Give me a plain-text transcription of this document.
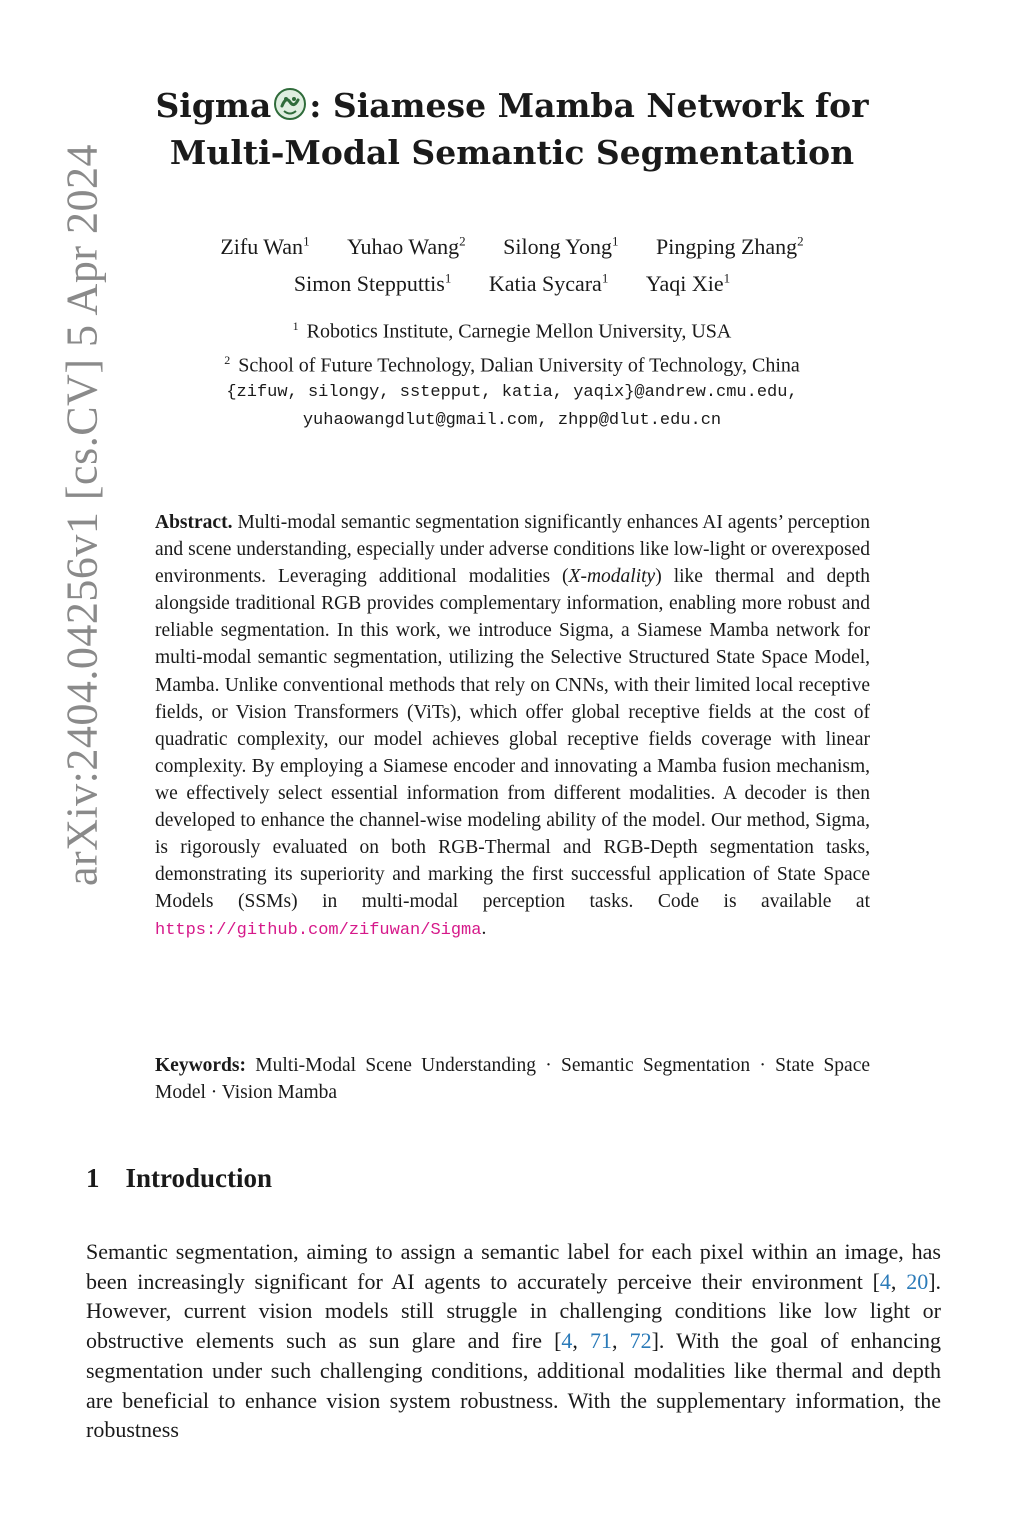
arXiv:2404.04256v1 [cs.CV] 5 Apr 2024
Sigma : Siamese Mamba Network for
Multi-Modal Semantic Segmentation
Zifu Wan$^1$ Yuhao Wang$^2$ Silong Yong$^1$ Pingping Zhang$^2$
Simon Stepputtis$^1$ Katia Sycara$^1$ Yaqi Xie$^1$
$^1$ Robotics Institute, Carnegie Mellon University, USA
$^2$ School of Future Technology, Dalian University of Technology, China
{zifuw, silongy, sstepput, katia, yaqix}@andrew.cmu.edu,
yuhaowangdlut@gmail.com, zhpp@dlut.edu.cn
Abstract. Multi-modal semantic segmentation significantly enhances AI agents’ perception and scene understanding, especially under adverse conditions like low-light or overexposed environments. Leveraging additional modalities (X-modality) like thermal and depth alongside traditional RGB provides complementary information, enabling more robust and reliable segmentation. In this work, we introduce Sigma, a Siamese Mamba network for multi-modal semantic segmentation, utilizing the Selective Structured State Space Model, Mamba. Unlike conventional methods that rely on CNNs, with their limited local receptive fields, or Vision Transformers (ViTs), which offer global receptive fields at the cost of quadratic complexity, our model achieves global receptive fields coverage with linear complexity. By employing a Siamese encoder and innovating a Mamba fusion mechanism, we effectively select essential information from different modalities. A decoder is then developed to enhance the channel-wise modeling ability of the model. Our method, Sigma, is rigorously evaluated on both RGB-Thermal and RGB-Depth segmentation tasks, demonstrating its superiority and marking the first successful application of State Space Models (SSMs) in multi-modal perception tasks. Code is available at https://github.com/zifuwan/Sigma.
Keywords: Multi-Modal Scene Understanding · Semantic Segmentation · State Space Model · Vision Mamba
1 Introduction
Semantic segmentation, aiming to assign a semantic label for each pixel within an image, has been increasingly significant for AI agents to accurately perceive their environment [4, 20]. However, current vision models still struggle in challenging conditions like low light or obstructive elements such as sun glare and fire [4, 71, 72]. With the goal of enhancing segmentation under such challenging conditions, additional modalities like thermal and depth are beneficial to enhance vision system robustness. With the supplementary information, the robustness
